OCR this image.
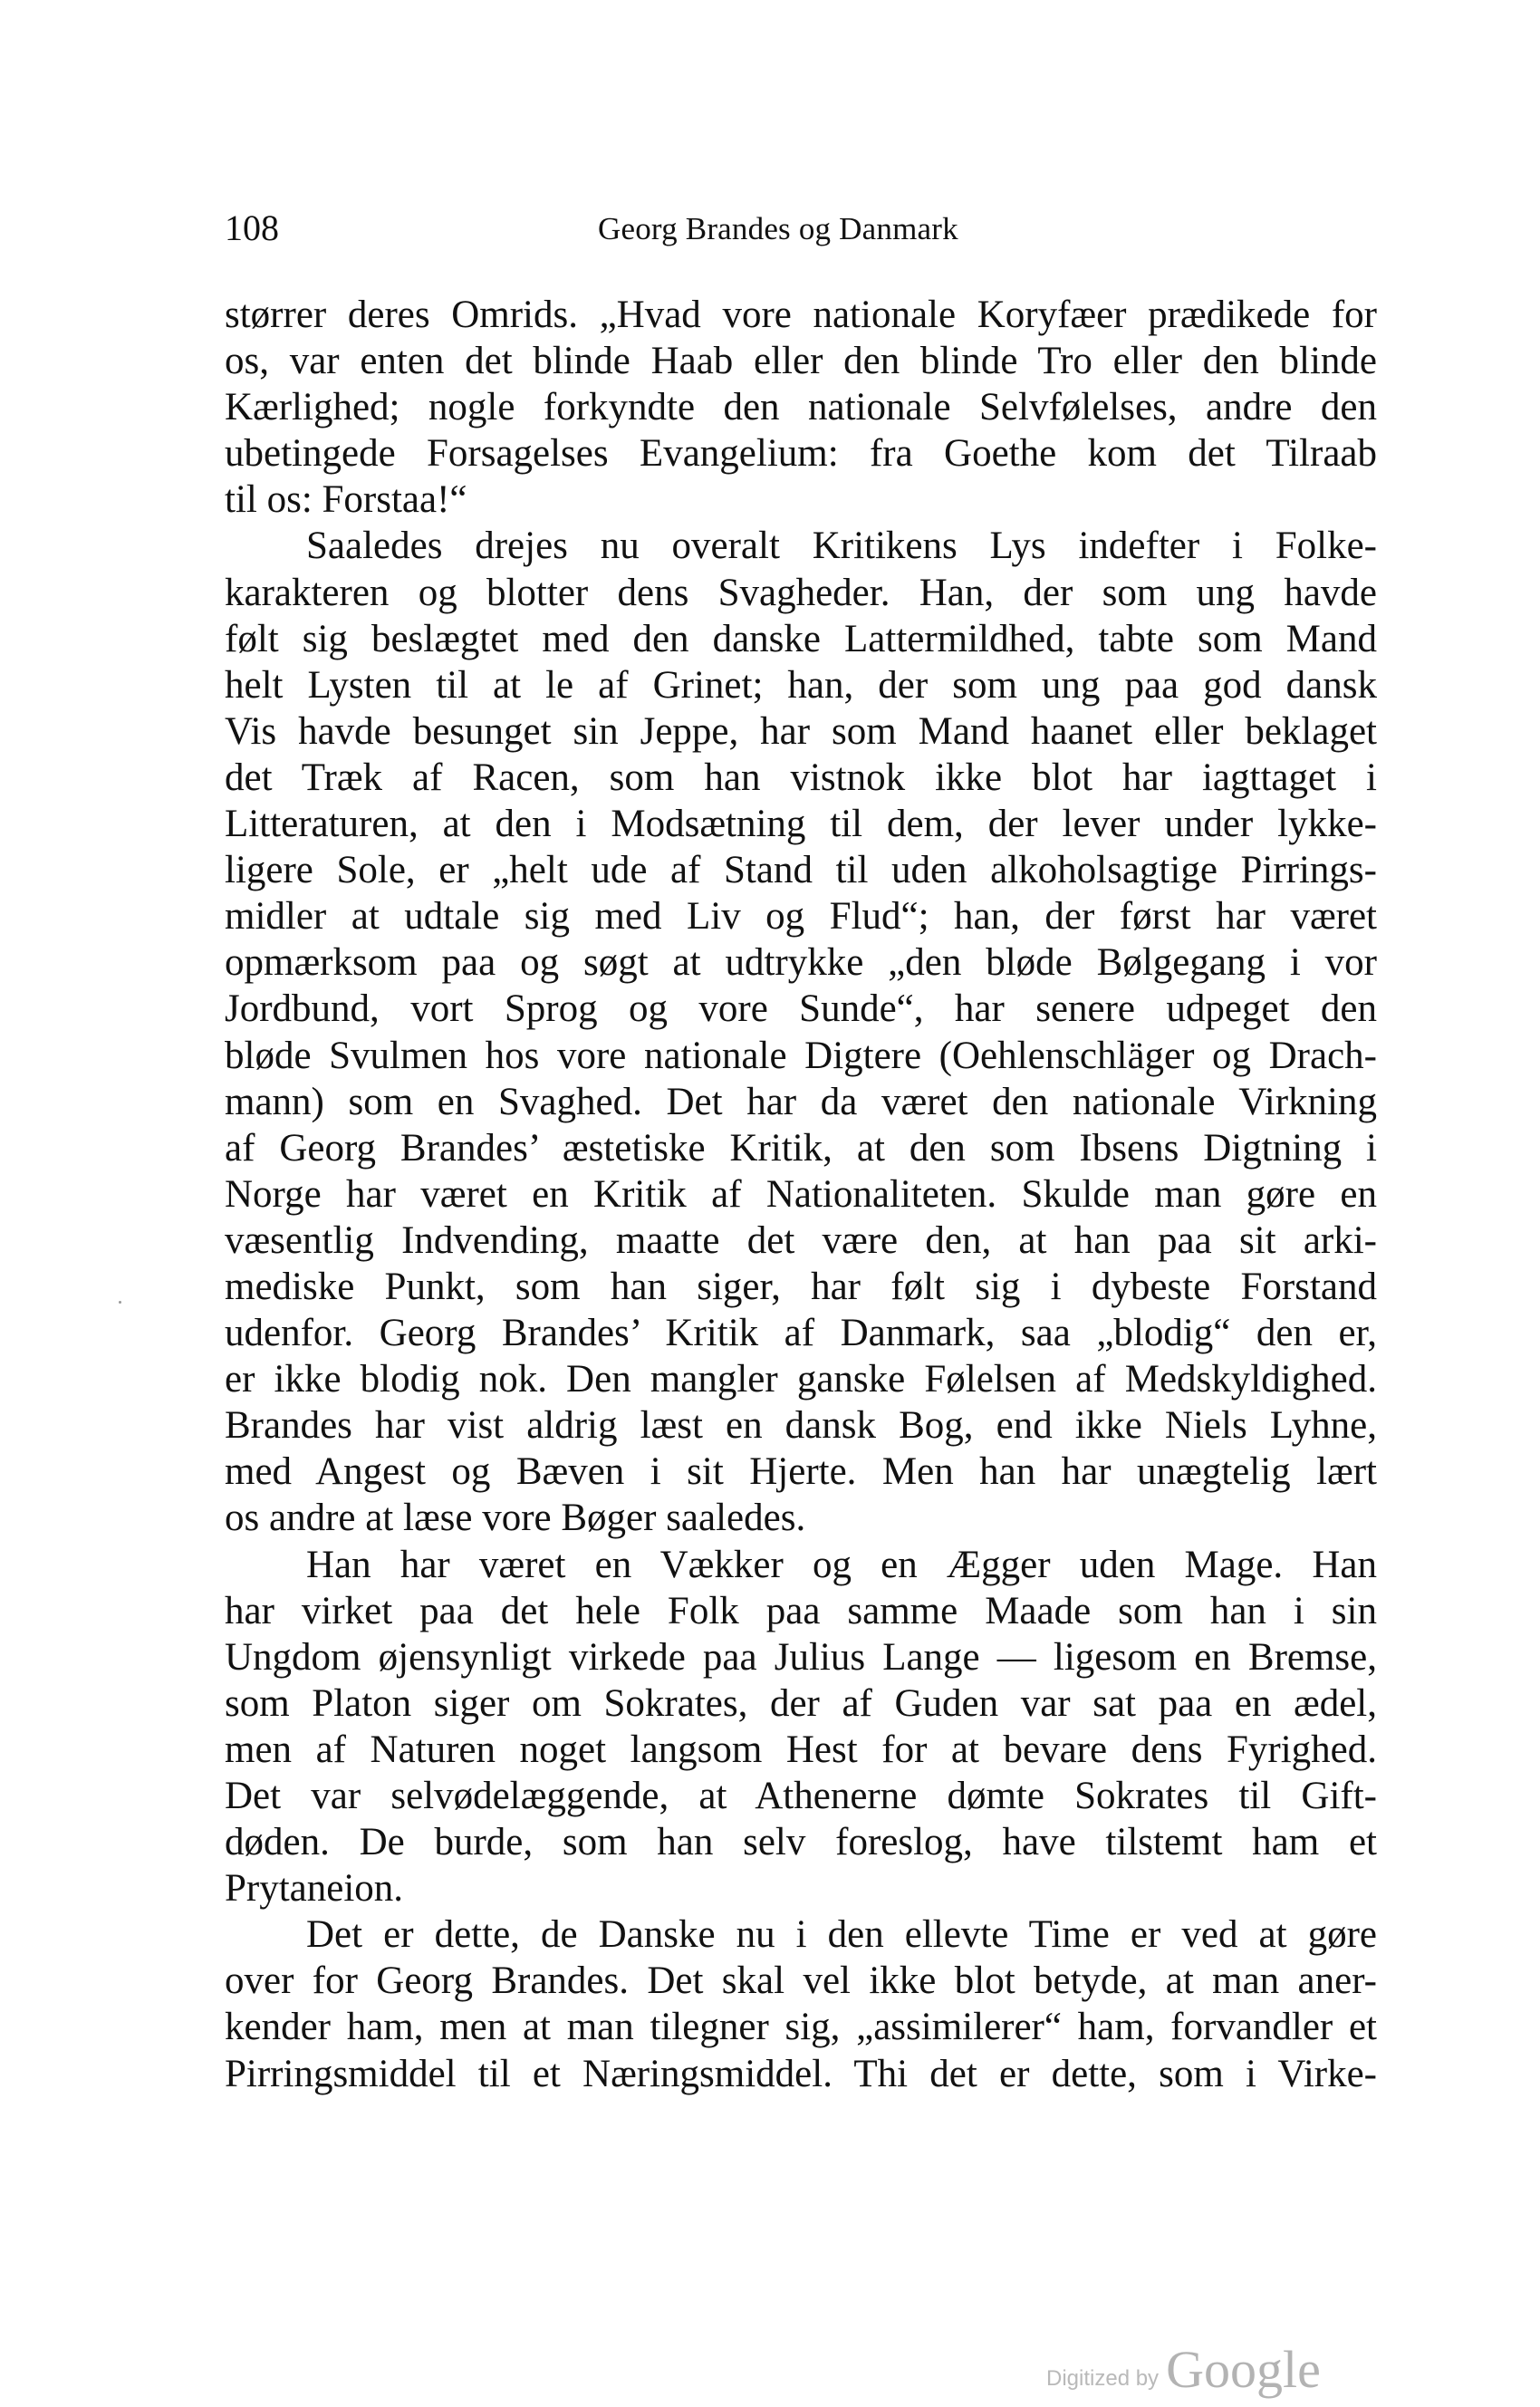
108	Georg Brandes og Danmark
størrer deres Omrids. „Hvad vore nationale Koryfæer prædikede for
os, var enten det blinde Haab eller den blinde Tro eller den blinde
Kærlighed; nogle forkyndte den nationale Selvfølelses, andre den
ubetingede Forsagelses Evangelium: fra Goethe kom det Tilraab
til os: Forstaa!“
Saaledes drejes nu overalt Kritikens Lys indefter i Folke-
karakteren og blotter dens Svagheder. Han, der som ung havde
følt sig beslægtet med den danske Lattermildhed, tabte som Mand
helt Lysten til at le af Grinet; han, der som ung paa god dansk
Vis havde besunget sin Jeppe, har som Mand haanet eller beklaget
det Træk af Racen, som han vistnok ikke blot har iagttaget i
Litteraturen, at den i Modsætning til dem, der lever under lykke-
ligere Sole, er „helt ude af Stand til uden alkoholsagtige Pirrings-
midler at udtale sig med Liv og Flud“; han, der først har været
opmærksom paa og søgt at udtrykke „den bløde Bølgegang i vor
Jordbund, vort Sprog og vore Sunde“, har senere udpeget den
bløde Svulmen hos vore nationale Digtere (Oehlenschläger og Drach-
mann) som en Svaghed. Det har da været den nationale Virkning
af Georg Brandes’ æstetiske Kritik, at den som Ibsens Digtning i
Norge har været en Kritik af Nationaliteten. Skulde man gøre en
væsentlig Indvending, maatte det være den, at han paa sit arki-
mediske Punkt, som han siger, har følt sig i dybeste Forstand
udenfor. Georg Brandes’ Kritik af Danmark, saa „blodig“ den er,
er ikke blodig nok. Den mangler ganske Følelsen af Medskyldighed.
Brandes har vist aldrig læst en dansk Bog, end ikke Niels Lyhne,
med Angest og Bæven i sit Hjerte. Men han har unægtelig lært
os andre at læse vore Bøger saaledes.
Han har været en Vækker og en Ægger uden Mage. Han
har virket paa det hele Folk paa samme Maade som han i sin
Ungdom øjensynligt virkede paa Julius Lange — ligesom en Bremse,
som Platon siger om Sokrates, der af Guden var sat paa en ædel,
men af Naturen noget langsom Hest for at bevare dens Fyrighed.
Det var selvødelæggende, at Athenerne dømte Sokrates til Gift-
døden. De burde, som han selv foreslog, have tilstemt ham et
Prytaneion.
Det er dette, de Danske nu i den ellevte Time er ved at gøre
over for Georg Brandes. Det skal vel ikke blot betyde, at man aner-
kender ham, men at man tilegner sig, „assimilerer“ ham, forvandler et
Pirringsmiddel til et Næringsmiddel. Thi det er dette, som i Virke-
Digitized by Google
